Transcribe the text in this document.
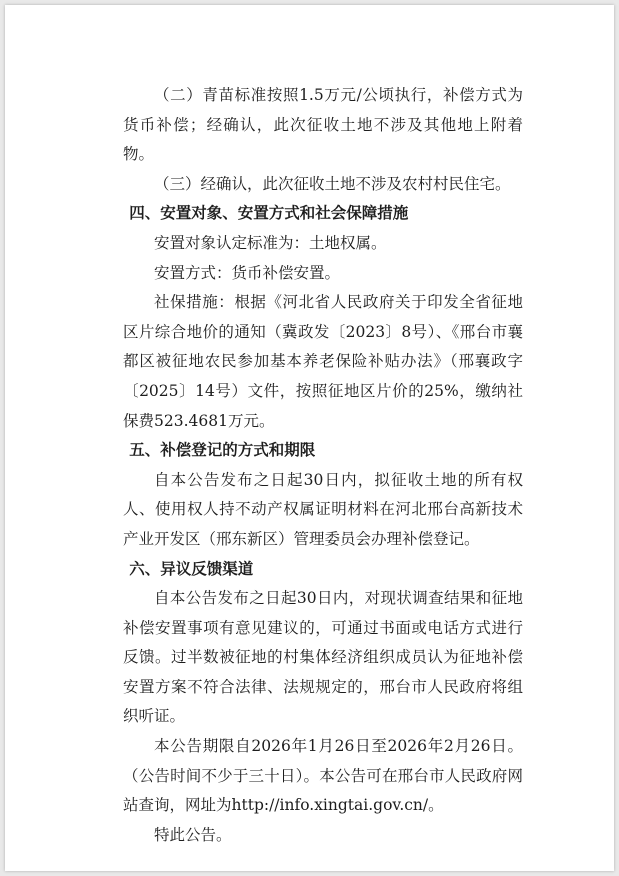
（二）青苗标准按照1.5万元/公顷执行，补偿方式为货币补偿；经确认，此次征收土地不涉及其他地上附着物。

（三）经确认，此次征收土地不涉及农村村民住宅。

四、安置对象、安置方式和社会保障措施

安置对象认定标准为：土地权属。

安置方式：货币补偿安置。

社保措施：根据《河北省人民政府关于印发全省征地区片综合地价的通知（冀政发〔2023〕8号）、《邢台市襄都区被征地农民参加基本养老保险补贴办法》（邢襄政字〔2025〕14号）文件，按照征地区片价的25%，缴纳社保费523.4681万元。

五、补偿登记的方式和期限

自本公告发布之日起30日内，拟征收土地的所有权人、使用权人持不动产权属证明材料在河北邢台高新技术产业开发区（邢东新区）管理委员会办理补偿登记。

六、异议反馈渠道

自本公告发布之日起30日内，对现状调查结果和征地补偿安置事项有意见建议的，可通过书面或电话方式进行反馈。过半数被征地的村集体经济组织成员认为征地补偿安置方案不符合法律、法规规定的，邢台市人民政府将组织听证。

本公告期限自2026年1月26日至2026年2月26日。（公告时间不少于三十日）。本公告可在邢台市人民政府网站查询，网址为http://info.xingtai.gov.cn/。

特此公告。
